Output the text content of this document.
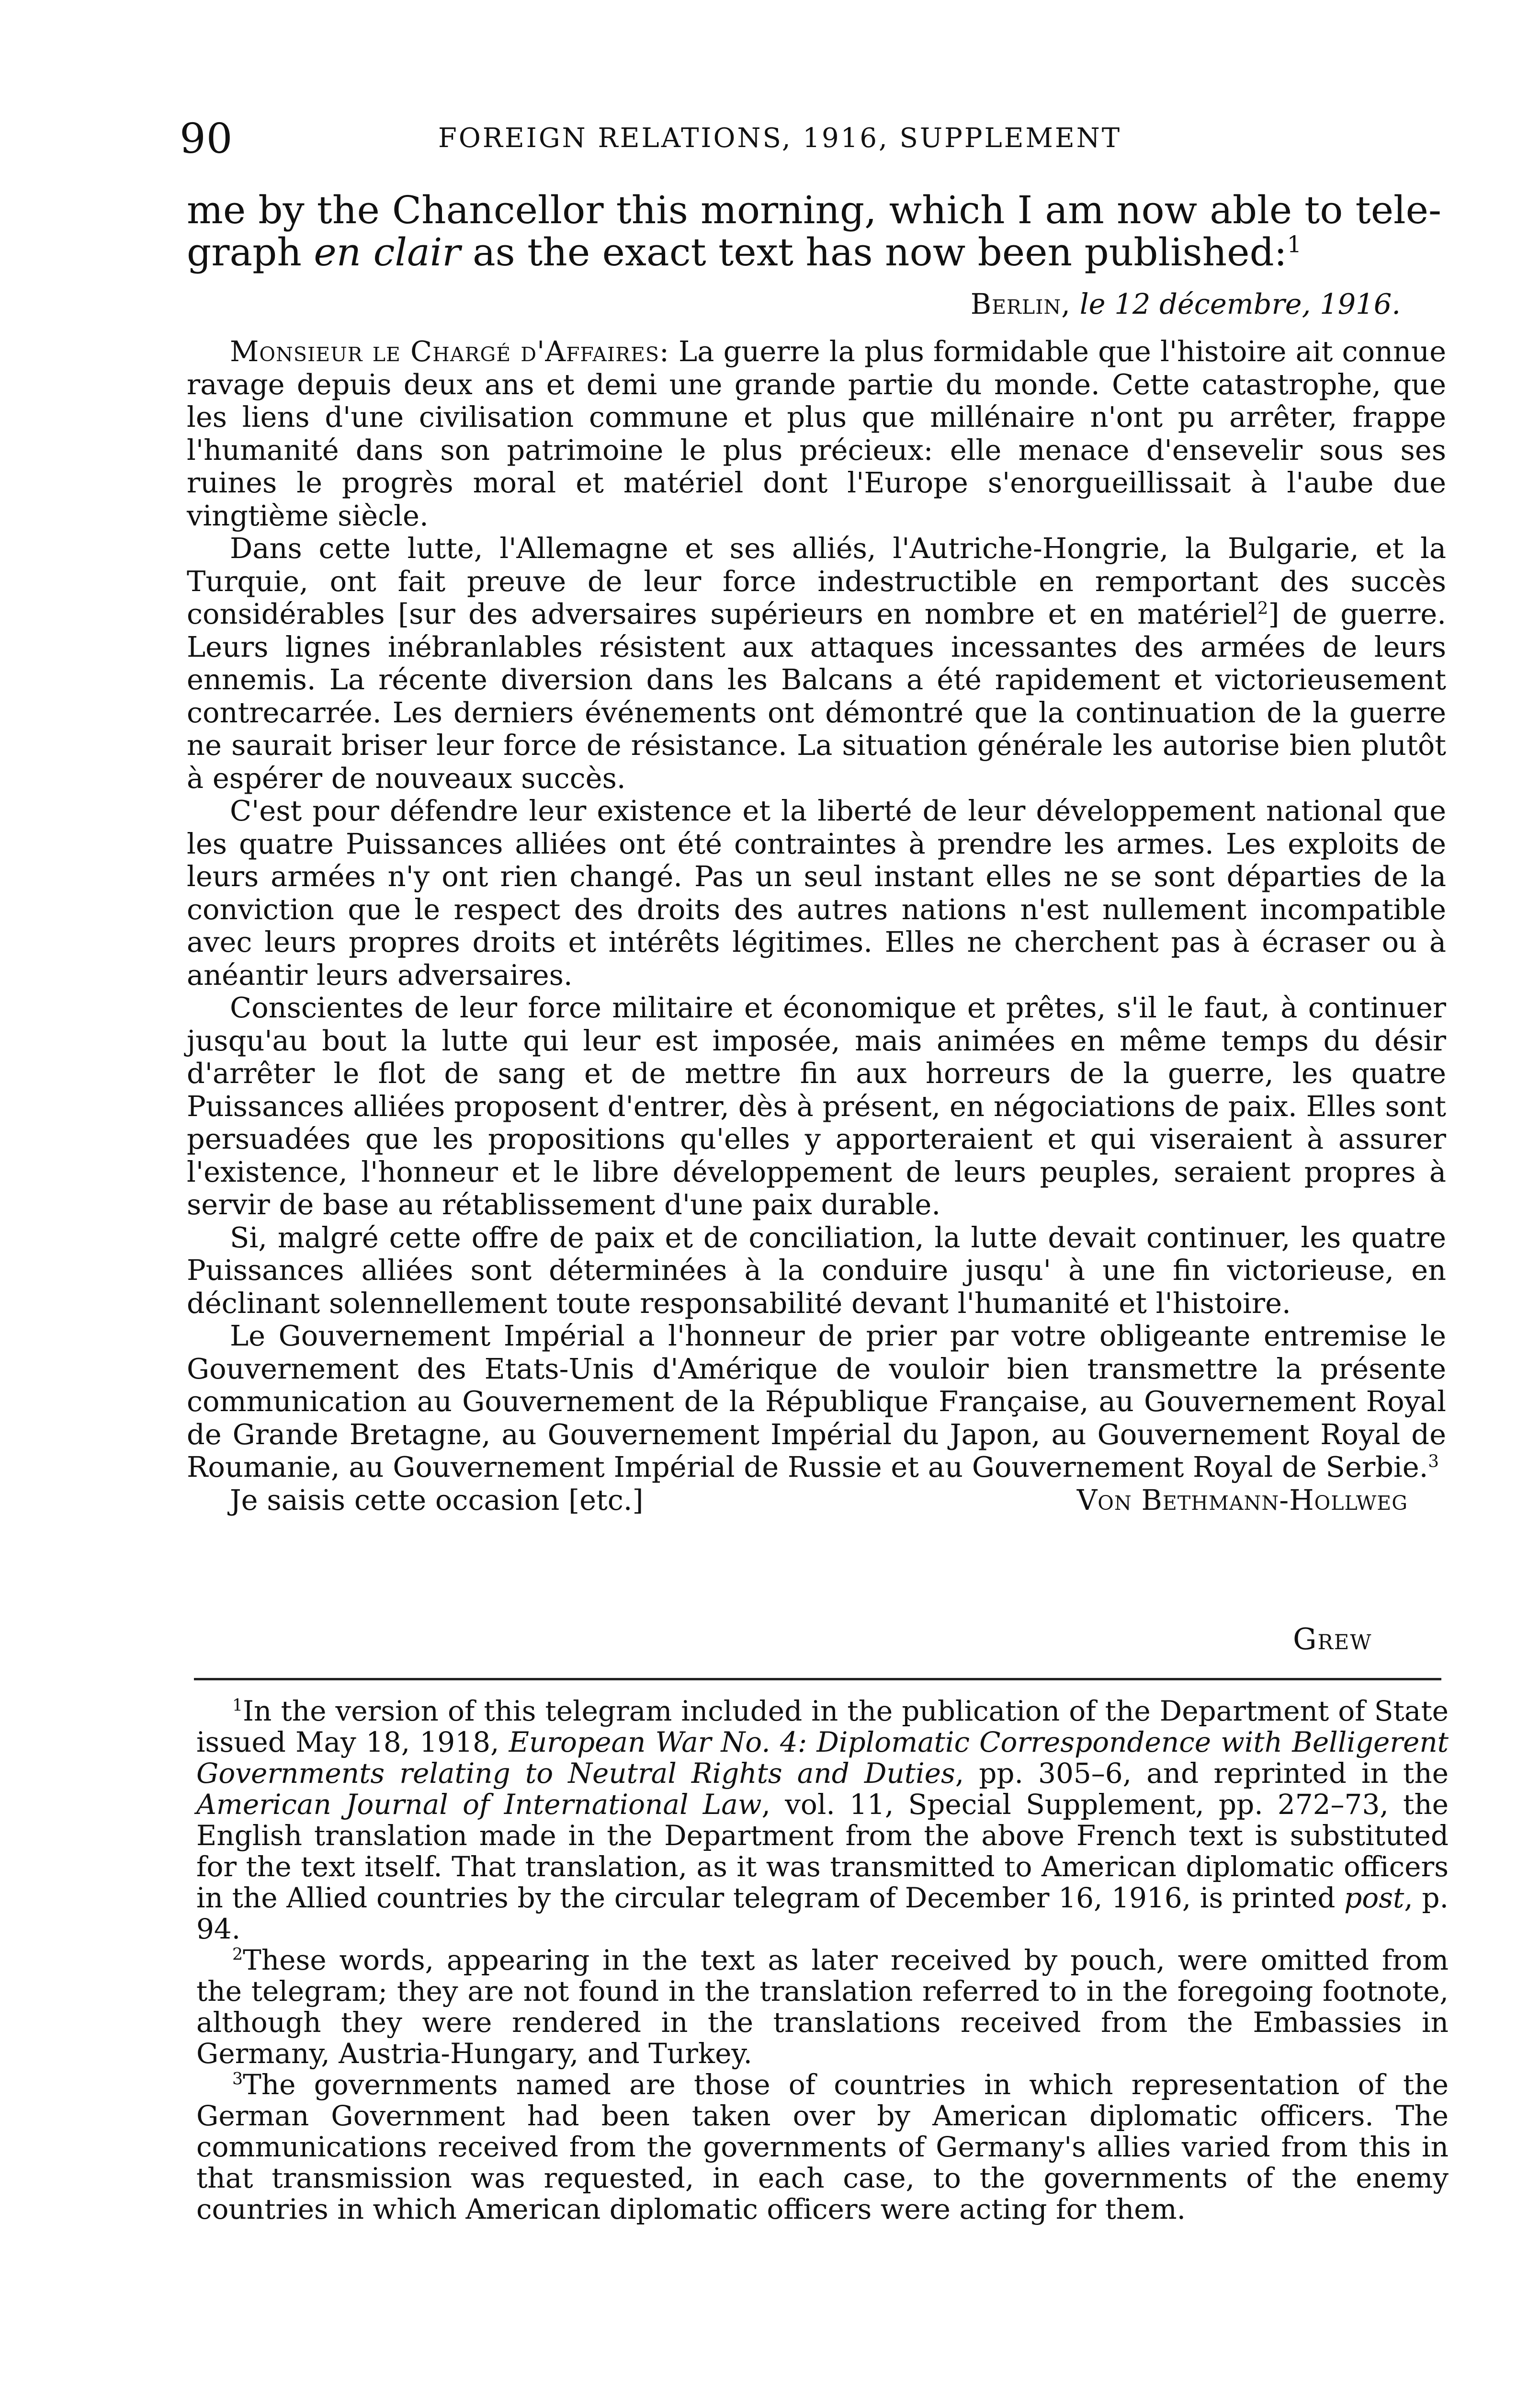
90	FOREIGN RELATIONS, 1916, SUPPLEMENT
me by the Chancellor this morning, which I am now able to telegraph en clair as the exact text has now been published:$^1$
Berlin, le 12 décembre, 1916.

Monsieur le Chargé d'Affaires: La guerre la plus formidable que l'histoire ait connue ravage depuis deux ans et demi une grande partie du monde. Cette catastrophe, que les liens d'une civilisation commune et plus que millénaire n'ont pu arrêter, frappe l'humanité dans son patrimoine le plus précieux: elle menace d'ensevelir sous ses ruines le progrès moral et matériel dont l'Europe s'enorgueillissait à l'aube due vingtième siècle.

Dans cette lutte, l'Allemagne et ses alliés, l'Autriche-Hongrie, la Bulgarie, et la Turquie, ont fait preuve de leur force indestructible en remportant des succès considérables [sur des adversaires supérieurs en nombre et en matériel$^2$] de guerre. Leurs lignes inébranlables résistent aux attaques incessantes des armées de leurs ennemis. La récente diversion dans les Balcans a été rapidement et victorieusement contrecarrée. Les derniers événements ont démontré que la continuation de la guerre ne saurait briser leur force de résistance. La situation générale les autorise bien plutôt à espérer de nouveaux succès.

C'est pour défendre leur existence et la liberté de leur développement national que les quatre Puissances alliées ont été contraintes à prendre les armes. Les exploits de leurs armées n'y ont rien changé. Pas un seul instant elles ne se sont départies de la conviction que le respect des droits des autres nations n'est nullement incompatible avec leurs propres droits et intérêts légitimes. Elles ne cherchent pas à écraser ou à anéantir leurs adversaires.

Conscientes de leur force militaire et économique et prêtes, s'il le faut, à continuer jusqu'au bout la lutte qui leur est imposée, mais animées en même temps du désir d'arrêter le flot de sang et de mettre fin aux horreurs de la guerre, les quatre Puissances alliées proposent d'entrer, dès à présent, en négociations de paix. Elles sont persuadées que les propositions qu'elles y apporteraient et qui viseraient à assurer l'existence, l'honneur et le libre développement de leurs peuples, seraient propres à servir de base au rétablissement d'une paix durable.

Si, malgré cette offre de paix et de conciliation, la lutte devait continuer, les quatre Puissances alliées sont déterminées à la conduire jusqu' à une fin victorieuse, en déclinant solennellement toute responsabilité devant l'humanité et l'histoire.

Le Gouvernement Impérial a l'honneur de prier par votre obligeante entremise le Gouvernement des Etats-Unis d'Amérique de vouloir bien transmettre la présente communication au Gouvernement de la République Française, au Gouvernement Royal de Grande Bretagne, au Gouvernement Impérial du Japon, au Gouvernement Royal de Roumanie, au Gouvernement Impérial de Russie et au Gouvernement Royal de Serbie.$^3$

Je saisis cette occasion [etc.]	Von Bethmann-Hollweg
Grew

$^1$In the version of this telegram included in the publication of the Department of State issued May 18, 1918, European War No. 4: Diplomatic Correspondence with Belligerent Governments relating to Neutral Rights and Duties, pp. 305–6, and reprinted in the American Journal of International Law, vol. 11, Special Supplement, pp. 272–73, the English translation made in the Department from the above French text is substituted for the text itself. That translation, as it was transmitted to American diplomatic officers in the Allied countries by the circular telegram of December 16, 1916, is printed post, p. 94.

$^2$These words, appearing in the text as later received by pouch, were omitted from the telegram; they are not found in the translation referred to in the foregoing footnote, although they were rendered in the translations received from the Embassies in Germany, Austria-Hungary, and Turkey.

$^3$The governments named are those of countries in which representation of the German Government had been taken over by American diplomatic officers. The communications received from the governments of Germany's allies varied from this in that transmission was requested, in each case, to the governments of the enemy countries in which American diplomatic officers were acting for them.
